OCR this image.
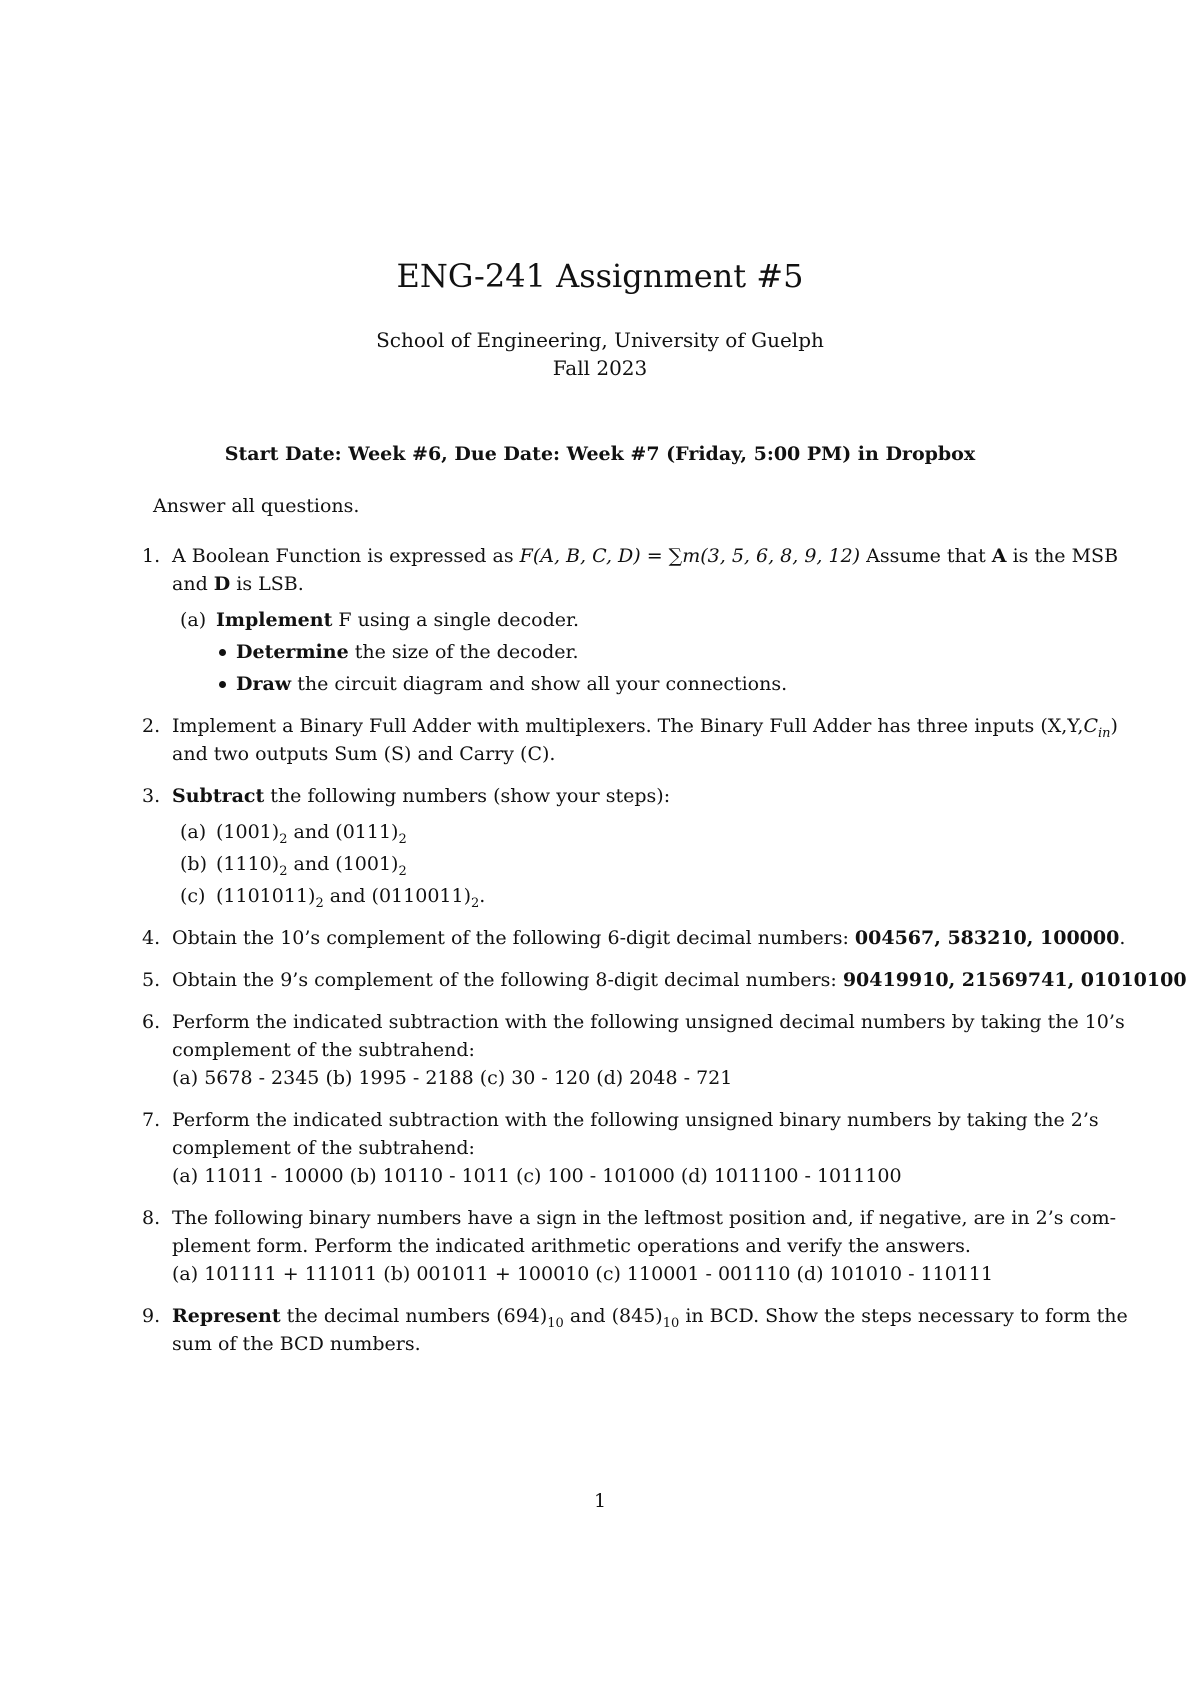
ENG-241 Assignment #5
School of Engineering, University of Guelph
Fall 2023
Start Date: Week #6, Due Date: Week #7 (Friday, 5:00 PM) in Dropbox
Answer all questions.
1. A Boolean Function is expressed as F(A, B, C, D) = ∑m(3, 5, 6, 8, 9, 12) Assume that A is the MSB
and D is LSB.
(a) Implement F using a single decoder.
Determine the size of the decoder.
Draw the circuit diagram and show all your connections.
2. Implement a Binary Full Adder with multiplexers. The Binary Full Adder has three inputs $(X,Y,C_{in})$
and two outputs Sum (S) and Carry (C).
3. Subtract the following numbers (show your steps):
(a) $(1001)_2$ and $(0111)_2$
(b) $(1110)_2$ and $(1001)_2$
(c) $(1101011)_2$ and $(0110011)_2$.
4. Obtain the 10’s complement of the following 6-digit decimal numbers: 004567, 583210, 100000.
5. Obtain the 9’s complement of the following 8-digit decimal numbers: 90419910, 21569741, 01010100
6. Perform the indicated subtraction with the following unsigned decimal numbers by taking the 10’s
complement of the subtrahend:
(a) 5678 - 2345 (b) 1995 - 2188 (c) 30 - 120 (d) 2048 - 721
7. Perform the indicated subtraction with the following unsigned binary numbers by taking the 2’s
complement of the subtrahend:
(a) 11011 - 10000 (b) 10110 - 1011 (c) 100 - 101000 (d) 1011100 - 1011100
8. The following binary numbers have a sign in the leftmost position and, if negative, are in 2’s com-
plement form. Perform the indicated arithmetic operations and verify the answers.
(a) 101111 + 111011 (b) 001011 + 100010 (c) 110001 - 001110 (d) 101010 - 110111
9. Represent the decimal numbers $(694)_{10}$ and $(845)_{10}$ in BCD. Show the steps necessary to form the
sum of the BCD numbers.
1
